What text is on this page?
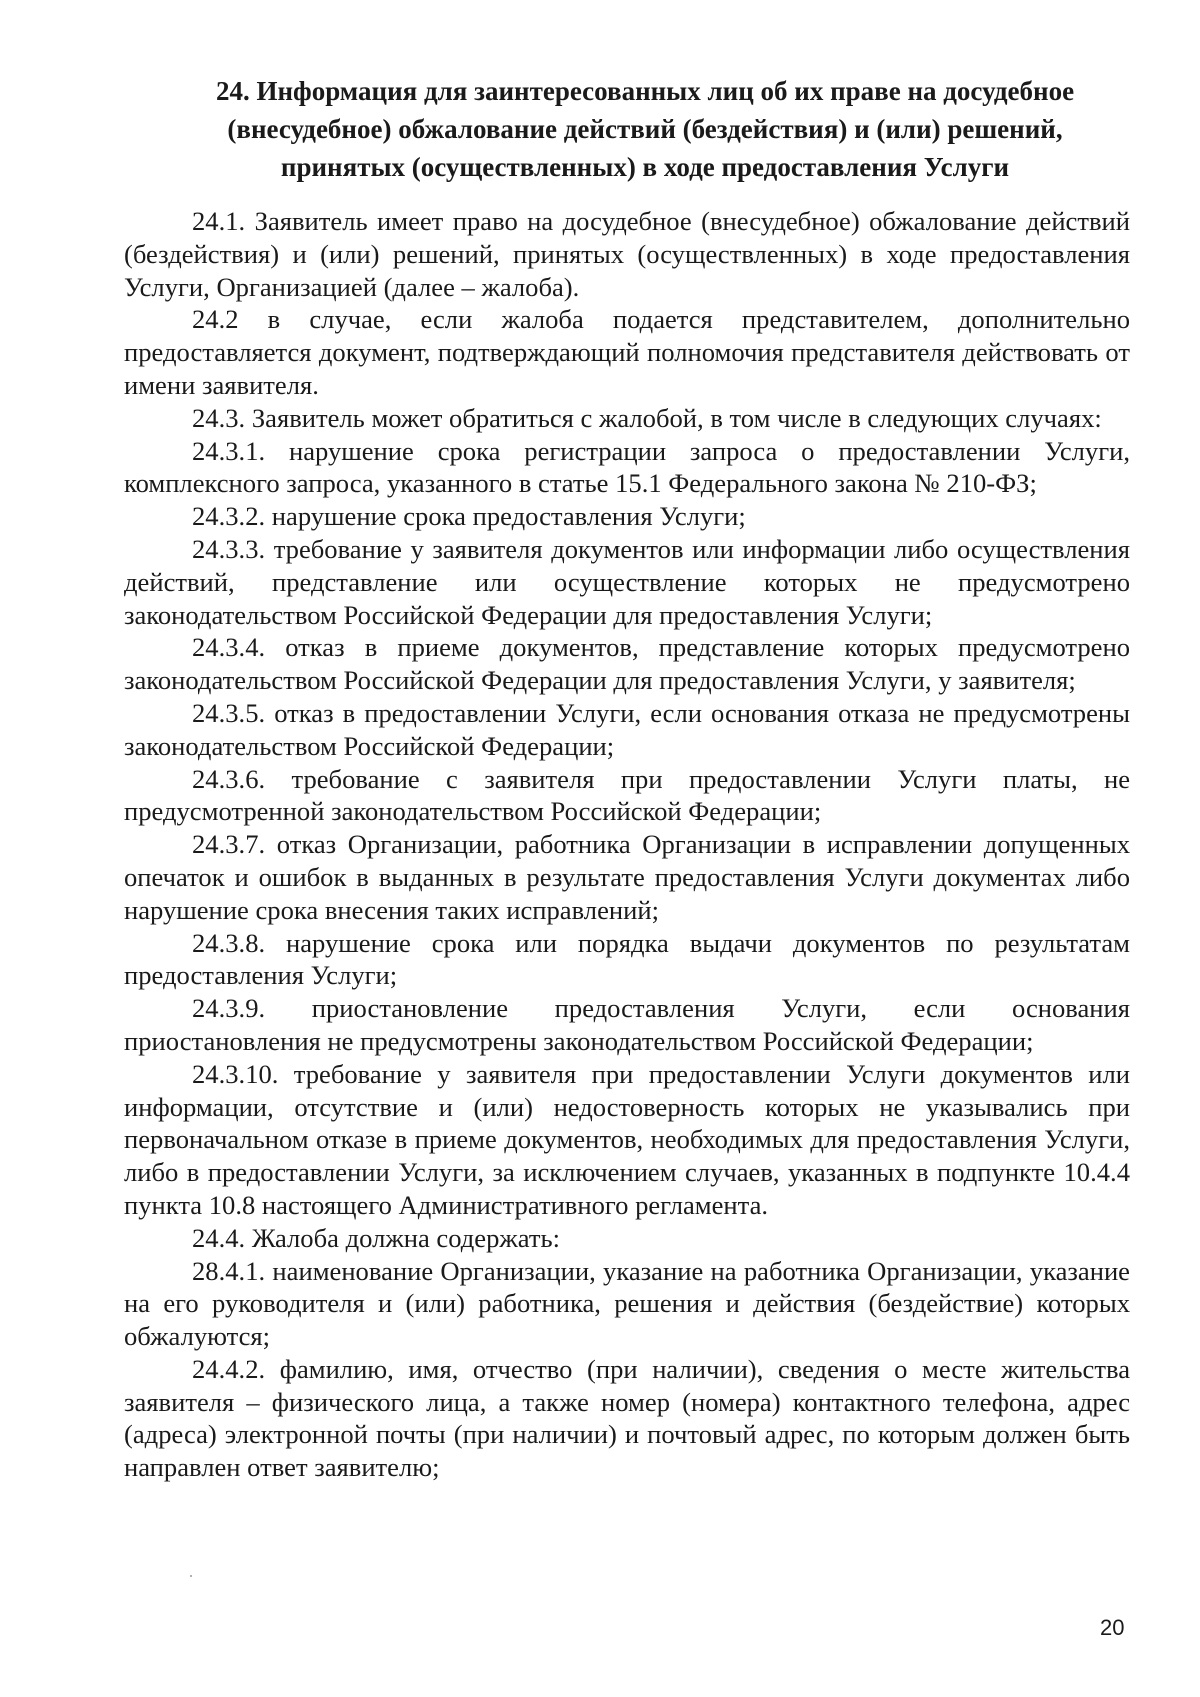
24. Информация для заинтересованных лиц об их праве на досудебное
(внесудебное) обжалование действий (бездействия) и (или) решений,
принятых (осуществленных) в ходе предоставления Услуги

24.1. Заявитель имеет право на досудебное (внесудебное) обжалование действий (бездействия) и (или) решений, принятых (осуществленных) в ходе предоставления Услуги, Организацией (далее – жалоба).

24.2 в случае, если жалоба подается представителем, дополнительно предоставляется документ, подтверждающий полномочия представителя действовать от имени заявителя.

24.3. Заявитель может обратиться с жалобой, в том числе в следующих случаях:

24.3.1. нарушение срока регистрации запроса о предоставлении Услуги, комплексного запроса, указанного в статье 15.1 Федерального закона № 210-ФЗ;

24.3.2. нарушение срока предоставления Услуги;

24.3.3. требование у заявителя документов или информации либо осуществления действий, представление или осуществление которых не предусмотрено законодательством Российской Федерации для предоставления Услуги;

24.3.4. отказ в приеме документов, представление которых предусмотрено законодательством Российской Федерации для предоставления Услуги, у заявителя;

24.3.5. отказ в предоставлении Услуги, если основания отказа не предусмотрены законодательством Российской Федерации;

24.3.6. требование с заявителя при предоставлении Услуги платы, не предусмотренной законодательством Российской Федерации;

24.3.7. отказ Организации, работника Организации в исправлении допущенных опечаток и ошибок в выданных в результате предоставления Услуги документах либо нарушение срока внесения таких исправлений;

24.3.8. нарушение срока или порядка выдачи документов по результатам предоставления Услуги;

24.3.9. приостановление предоставления Услуги, если основания приостановления не предусмотрены законодательством Российской Федерации;

24.3.10. требование у заявителя при предоставлении Услуги документов или информации, отсутствие и (или) недостоверность которых не указывались при первоначальном отказе в приеме документов, необходимых для предоставления Услуги, либо в предоставлении Услуги, за исключением случаев, указанных в подпункте 10.4.4 пункта 10.8 настоящего Административного регламента.

24.4. Жалоба должна содержать:

28.4.1. наименование Организации, указание на работника Организации, указание на его руководителя и (или) работника, решения и действия (бездействие) которых обжалуются;

24.4.2. фамилию, имя, отчество (при наличии), сведения о месте жительства заявителя – физического лица, а также номер (номера) контактного телефона, адрес (адреса) электронной почты (при наличии) и почтовый адрес, по которым должен быть направлен ответ заявителю;

20
